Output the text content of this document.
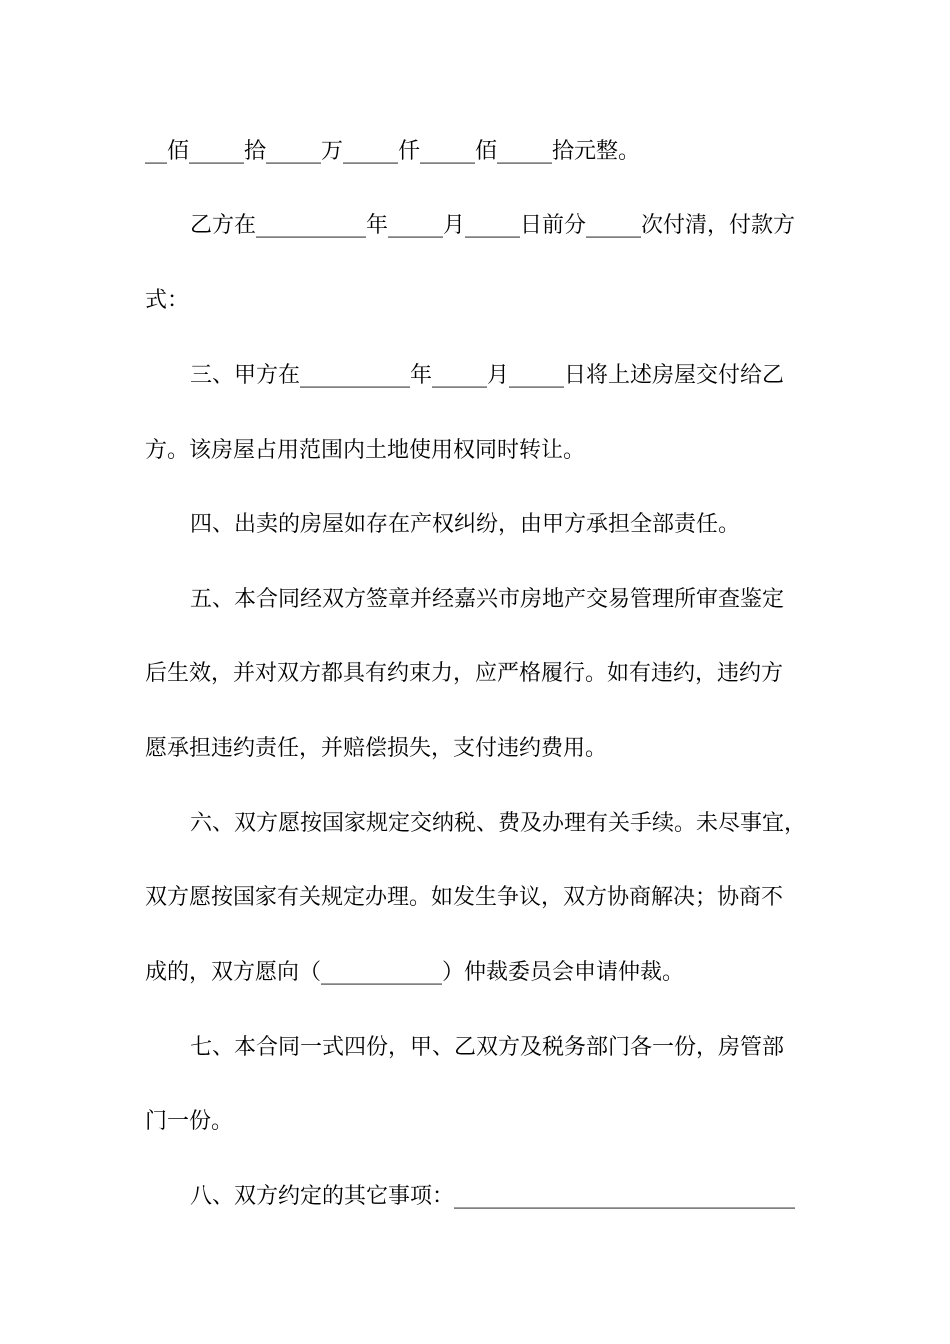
__佰_____拾_____万_____仟_____佰_____拾元整。
乙方在__________年_____月_____日前分_____次付清，付款方
式：
三、甲方在__________年_____月_____日将上述房屋交付给乙
方。该房屋占用范围内土地使用权同时转让。
四、出卖的房屋如存在产权纠纷，由甲方承担全部责任。
五、本合同经双方签章并经嘉兴市房地产交易管理所审查鉴定
后生效，并对双方都具有约束力，应严格履行。如有违约，违约方
愿承担违约责任，并赔偿损失，支付违约费用。
六、双方愿按国家规定交纳税、费及办理有关手续。未尽事宜，
双方愿按国家有关规定办理。如发生争议，双方协商解决；协商不
成的，双方愿向（___________）仲裁委员会申请仲裁。
七、本合同一式四份，甲、乙双方及税务部门各一份，房管部
门一份。
八、双方约定的其它事项：_______________________________
